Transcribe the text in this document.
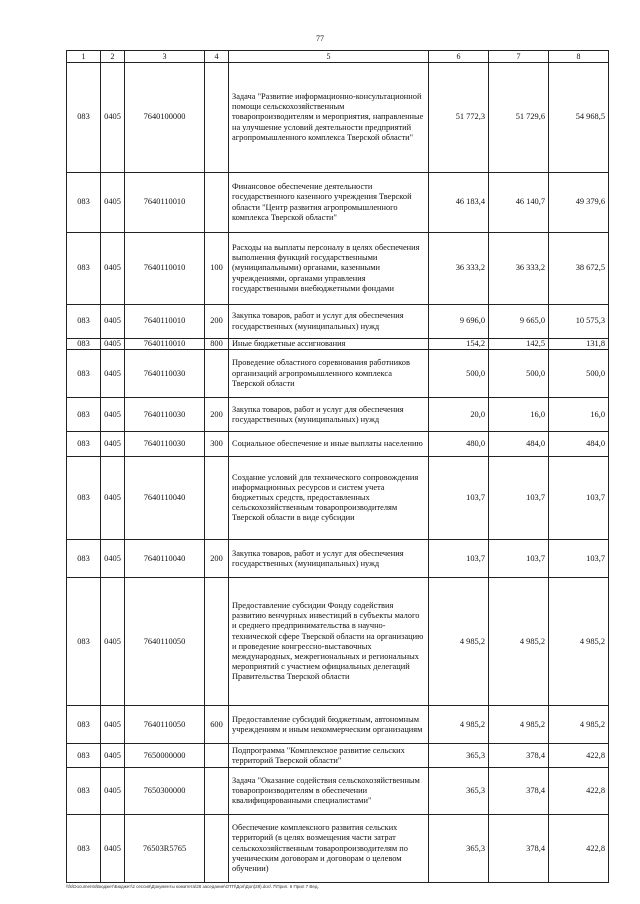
77
1	2	3	4	5	6	7	8
083	0405	7640100000		Задача "Развитие информационно-консультационной помощи сельскохозяйственным товаропроизводителям и мероприятия, направленные на улучшение условий деятельности предприятий агропромышленного комплекса Тверской области"	51 772,3	51 729,6	54 968,5
083	0405	7640110010		Финансовое обеспечение деятельности государственного казенного учреждения Тверской области "Центр развития агропромышленного комплекса Тверской области"	46 183,4	46 140,7	49 379,6
083	0405	7640110010	100	Расходы на выплаты персоналу в целях обеспечения выполнения функций государственными (муниципальными) органами, казенными учреждениями, органами управления государственными внебюджетными фондами	36 333,2	36 333,2	38 672,5
083	0405	7640110010	200	Закупка товаров, работ и услуг для обеспечения государственных (муниципальных) нужд	9 696,0	9 665,0	10 575,3
083	0405	7640110010	800	Иные бюджетные ассигнования	154,2	142,5	131,8
083	0405	7640110030		Проведение областного соревнования работников организаций агропромышленного комплекса Тверской области	500,0	500,0	500,0
083	0405	7640110030	200	Закупка товаров, работ и услуг для обеспечения государственных (муниципальных) нужд	20,0	16,0	16,0
083	0405	7640110030	300	Социальное обеспечение и иные выплаты населению	480,0	484,0	484,0
083	0405	7640110040		Создание условий для технического сопровождения информационных ресурсов и систем учета бюджетных средств, предоставленных сельскохозяйственным товаропроизводителям Тверской области в виде субсидии	103,7	103,7	103,7
083	0405	7640110040	200	Закупка товаров, работ и услуг для обеспечения государственных (муниципальных) нужд	103,7	103,7	103,7
083	0405	7640110050		Предоставление субсидии Фонду содействия развитию венчурных инвестиций в субъекты малого и среднего предпринимательства в научно-технической сфере Тверской области на организацию и проведение конгрессно-выставочных международных, межрегиональных и региональных мероприятий с участием официальных делегаций Правительства Тверской области	4 985,2	4 985,2	4 985,2
083	0405	7640110050	600	Предоставление субсидий бюджетным, автономным учреждениям и иным некоммерческим организациям	4 985,2	4 985,2	4 985,2
083	0405	7650000000		Подпрограмма "Комплексное развитие сельских территорий Тверской области"	365,3	378,4	422,8
083	0405	7650300000		Задача "Оказание содействия сельскохозяйственным товаропроизводителям в обеспечении квалифицированными специалистами"	365,3	378,4	422,8
083	0405	76503R5765		Обеспечение комплексного развития сельских территорий (в целях возмещения части затрат сельскохозяйственным товаропроизводителям по ученическим договорам и договорам о целевом обучении)	365,3	378,4	422,8
\\fs\Documents\Бюджет\Бюджет\2 сессия\Документы комитета\28 заседание\ОТП\Доп\Доп(28).doc\ 7\Прил. 6 Прил 7 Вед.
